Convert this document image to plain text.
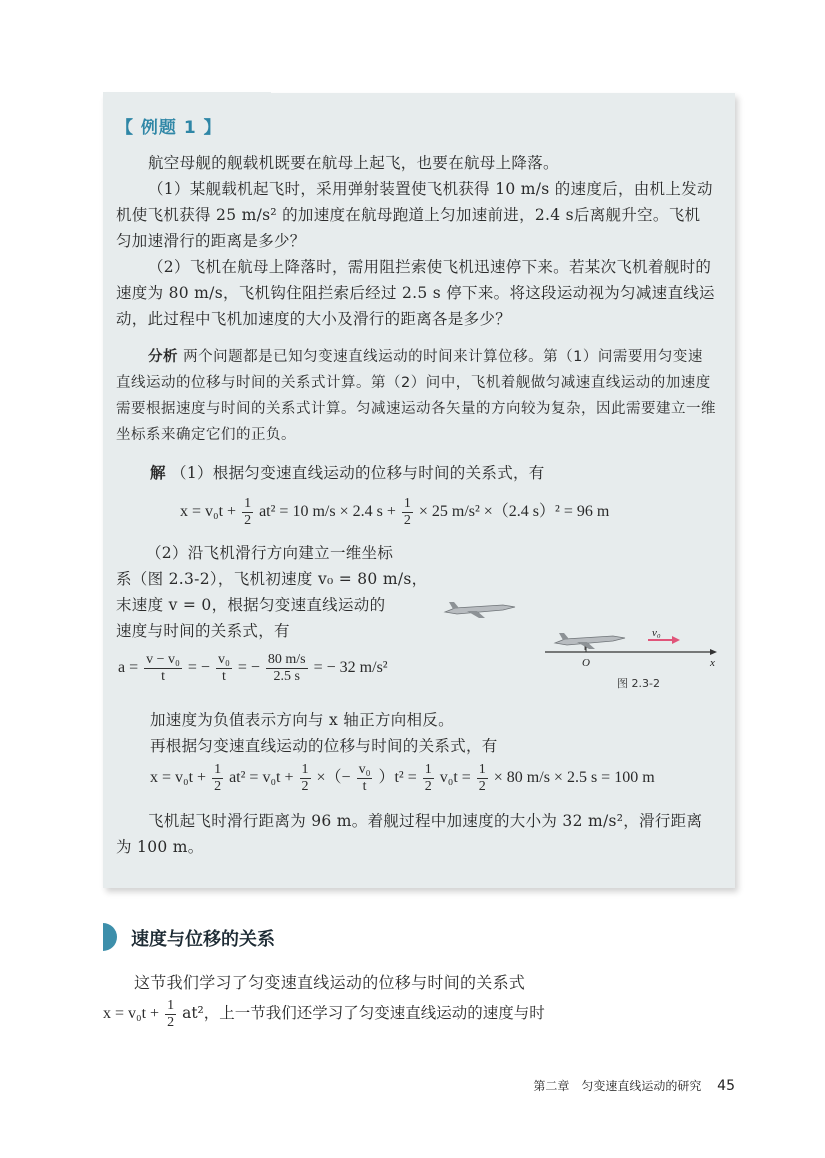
【 例题 1 】
航空母舰的舰载机既要在航母上起飞，也要在航母上降落。
（1）某舰载机起飞时，采用弹射装置使飞机获得 10 m/s 的速度后，由机上发动机使飞机获得 25 m/s² 的加速度在航母跑道上匀加速前进，2.4 s后离舰升空。飞机匀加速滑行的距离是多少？
（2）飞机在航母上降落时，需用阻拦索使飞机迅速停下来。若某次飞机着舰时的速度为 80 m/s，飞机钩住阻拦索后经过 2.5 s 停下来。将这段运动视为匀减速直线运动，此过程中飞机加速度的大小及滑行的距离各是多少？
分析 两个问题都是已知匀变速直线运动的时间来计算位移。第（1）问需要用匀变速直线运动的位移与时间的关系式计算。第（2）问中，飞机着舰做匀减速直线运动的加速度需要根据速度与时间的关系式计算。匀减速运动各矢量的方向较为复杂，因此需要建立一维坐标系来确定它们的正负。
解 （1）根据匀变速直线运动的位移与时间的关系式，有
$x = v_0t + \frac{1}{2} at^2 = 10$ m/s × 2.4 $s + \frac{1}{2} \times 25$ m/s² ×（2.4 s）² = 96 m
（2）沿飞机滑行方向建立一维坐标
系（图 2.3-2），飞机初速度 v₀ = 80 m/s，
末速度 v = 0，根据匀变速直线运动的
速度与时间的关系式，有
$a = \frac{\text{v − v₀}}{t}$ = − $\frac{\text{v₀}}{t}$ = − $\frac{80 m/s}{2.5 s}$ = − 32 m/s²
v₀
O	x
图 2.3-2
加速度为负值表示方向与 x 轴正方向相反。
再根据匀变速直线运动的位移与时间的关系式，有
$x = v_0t + \frac{1}{2} at^2 = v_0t + \frac{1}{2}$ ×（− $\frac{\text{v₀}}{t} )t^2 = \frac{1}{2} v_0t = \frac{1}{2} \times 80$ m/s × 2.5 s = 100 m
飞机起飞时滑行距离为 96 m。着舰过程中加速度的大小为 32 m/s²，滑行距离为 100 m。
速度与位移的关系
这节我们学习了匀变速直线运动的位移与时间的关系式
$x = v_0t + \frac{1}{2} at^2$，上一节我们还学习了匀变速直线运动的速度与时
第二章　匀变速直线运动的研究 45
